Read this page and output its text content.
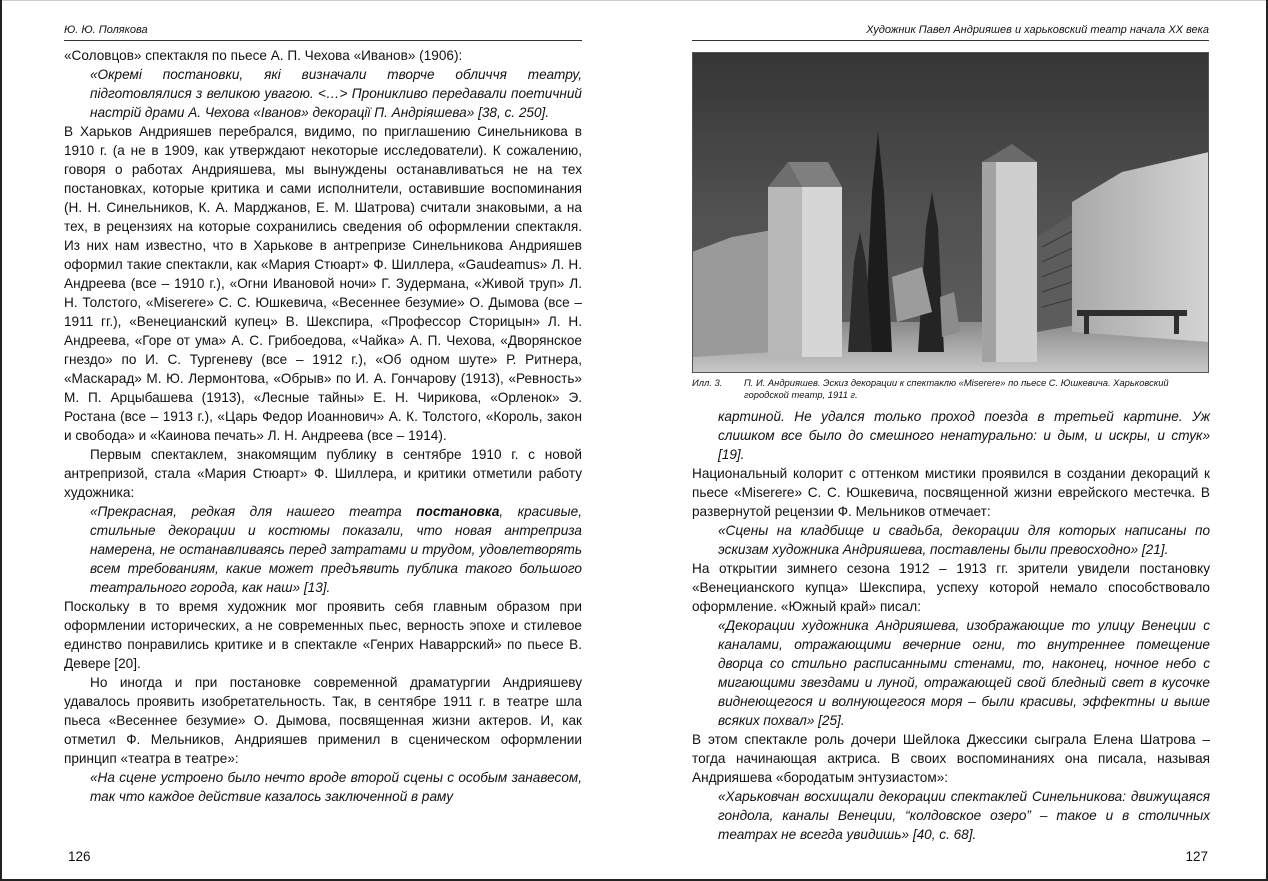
Ю. Ю. Полякова

«Соловцов» спектакля по пьесе А. П. Чехова «Иванов» (1906):

«Окремі постановки, які визначали творче обличчя театру, підготовлялися з великою увагою. <…> Проникливо передавали поетичний настрій драми А. Чехова «Іванов» декорації П. Андріяшева» [38, с. 250].

В Харьков Андрияшев перебрался, видимо, по приглашению Синельникова в 1910 г. (а не в 1909, как утверждают некоторые исследователи). К сожалению, говоря о работах Андрияшева, мы вынуждены останавливаться не на тех постановках, которые критика и сами исполнители, оставившие воспоминания (Н. Н. Синельников, К. А. Марджанов, Е. М. Шатрова) считали знаковыми, а на тех, в рецензиях на которые сохранились сведения об оформлении спектакля. Из них нам известно, что в Харькове в антрепризе Синельникова Андрияшев оформил такие спектакли, как «Мария Стюарт» Ф. Шиллера, «Gaudeamus» Л. Н. Андреева (все – 1910 г.), «Огни Ивановой ночи» Г. Зудермана, «Живой труп» Л. Н. Толстого, «Miserere» С. С. Юшкевича, «Весеннее безумие» О. Дымова (все – 1911 гг.), «Венецианский купец» В. Шекспира, «Профессор Сторицын» Л. Н. Андреева, «Горе от ума» А. С. Грибоедова, «Чайка» А. П. Чехова, «Дворянское гнездо» по И. С. Тургеневу (все – 1912 г.), «Об одном шуте» Р. Ритнера, «Маскарад» М. Ю. Лермонтова, «Обрыв» по И. А. Гончарову (1913), «Ревность» М. П. Арцыбашева (1913), «Лесные тайны» Е. Н. Чирикова, «Орленок» Э. Ростана (все – 1913 г.), «Царь Федор Иоаннович» А. К. Толстого, «Король, закон и свобода» и «Каинова печать» Л. Н. Андреева (все – 1914).

Первым спектаклем, знакомящим публику в сентябре 1910 г. с новой антрепризой, стала «Мария Стюарт» Ф. Шиллера, и критики отметили работу художника:

«Прекрасная, редкая для нашего театра постановка, красивые, стильные декорации и костюмы показали, что новая антреприза намерена, не останавливаясь перед затратами и трудом, удовлетворять всем требованиям, какие может предъявить публика такого большого театрального города, как наш» [13].

Поскольку в то время художник мог проявить себя главным образом при оформлении исторических, а не современных пьес, верность эпохе и стилевое единство понравились критике и в спектакле «Генрих Наваррский» по пьесе В. Девере [20].

Но иногда и при постановке современной драматургии Андрияшеву удавалось проявить изобретательность. Так, в сентябре 1911 г. в театре шла пьеса «Весеннее безумие» О. Дымова, посвященная жизни актеров. И, как отметил Ф. Мельников, Андрияшев применил в сценическом оформлении принцип «театра в театре»:

«На сцене устроено было нечто вроде второй сцены с особым занавесом, так что каждое действие казалось заключенной в раму

126
Художник Павел Андрияшев и харьковский театр начала ХХ века
Илл. 3. П. И. Андрияшев. Эскиз декорации к спектаклю «Miserere» по пьесе С. Юшкевича. Харьковский городской театр, 1911 г.

картиной. Не удался только проход поезда в третьей картине. Уж слишком все было до смешного ненатурально: и дым, и искры, и стук» [19].

Национальный колорит с оттенком мистики проявился в создании декораций к пьесе «Miserere» С. С. Юшкевича, посвященной жизни еврейского местечка. В развернутой рецензии Ф. Мельников отмечает:

«Сцены на кладбище и свадьба, декорации для которых написаны по эскизам художника Андрияшева, поставлены были превосходно» [21].

На открытии зимнего сезона 1912 – 1913 гг. зрители увидели постановку «Венецианского купца» Шекспира, успеху которой немало способствовало оформление. «Южный край» писал:

«Декорации художника Андрияшева, изображающие то улицу Венеции с каналами, отражающими вечерние огни, то внутреннее помещение дворца со стильно расписанными стенами, то, наконец, ночное небо с мигающими звездами и луной, отражающей свой бледный свет в кусочке виднеющегося и волнующегося моря – были красивы, эффектны и выше всяких похвал» [25].

В этом спектакле роль дочери Шейлока Джессики сыграла Елена Шатрова – тогда начинающая актриса. В своих воспоминаниях она писала, называя Андрияшева «бородатым энтузиастом»:

«Харьковчан восхищали декорации спектаклей Синельникова: движущаяся гондола, каналы Венеции, “колдовское озеро” – такое и в столичных театрах не всегда увидишь» [40, с. 68].

127
